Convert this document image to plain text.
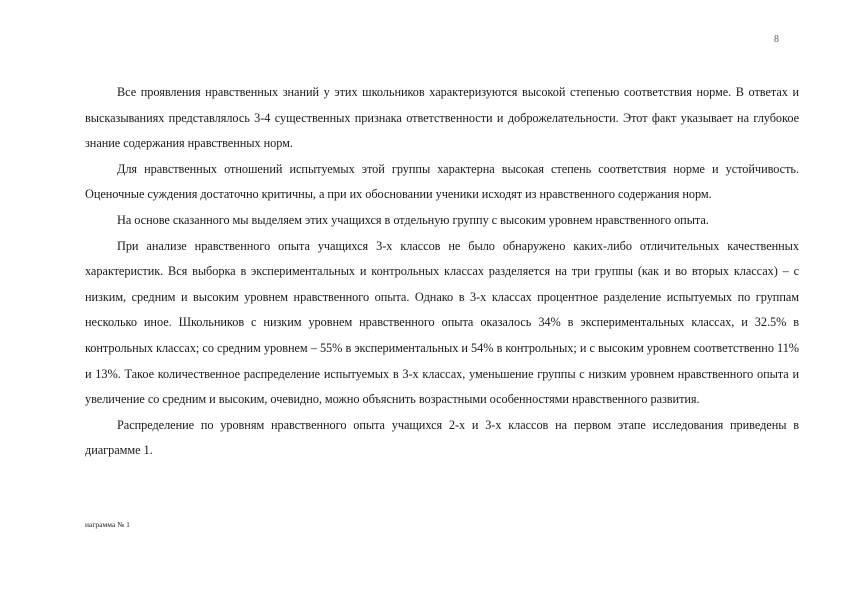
8

Все проявления нравственных знаний у этих школьников характеризуются высокой степенью соответствия норме. В ответах и высказываниях представлялось 3-4 существенных признака ответственности и доброжелательности. Этот факт указывает на глубокое знание содержания нравственных норм.

Для нравственных отношений испытуемых этой группы характерна высокая степень соответствия норме и устойчивость. Оценочные суждения достаточно критичны, а при их обосновании ученики исходят из нравственного содержания норм.

На основе сказанного мы выделяем этих учащихся в отдельную группу с высоким уровнем нравственного опыта.

При анализе нравственного опыта учащихся 3-х классов не было обнаружено каких-либо отличительных качественных характеристик. Вся выборка в экспериментальных и контрольных классах разделяется на три группы (как и во вторых классах) – с низким, средним и высоким уровнем нравственного опыта. Однако в 3-х классах процентное разделение испытуемых по группам несколько иное. Школьников с низким уровнем нравственного опыта оказалось 34% в экспериментальных классах, и 32.5% в контрольных классах; со средним уровнем – 55% в экспериментальных и 54% в контрольных; и с высоким уровнем соответственно 11% и 13%. Такое количественное распределение испытуемых в 3-х классах, уменьшение группы с низким уровнем нравственного опыта и увеличение со средним и высоким, очевидно, можно объяснить возрастными особенностями нравственного развития.

Распределение по уровням нравственного опыта учащихся 2-х и 3-х классов на первом этапе исследования приведены в диаграмме 1.

иаграмма № 1
